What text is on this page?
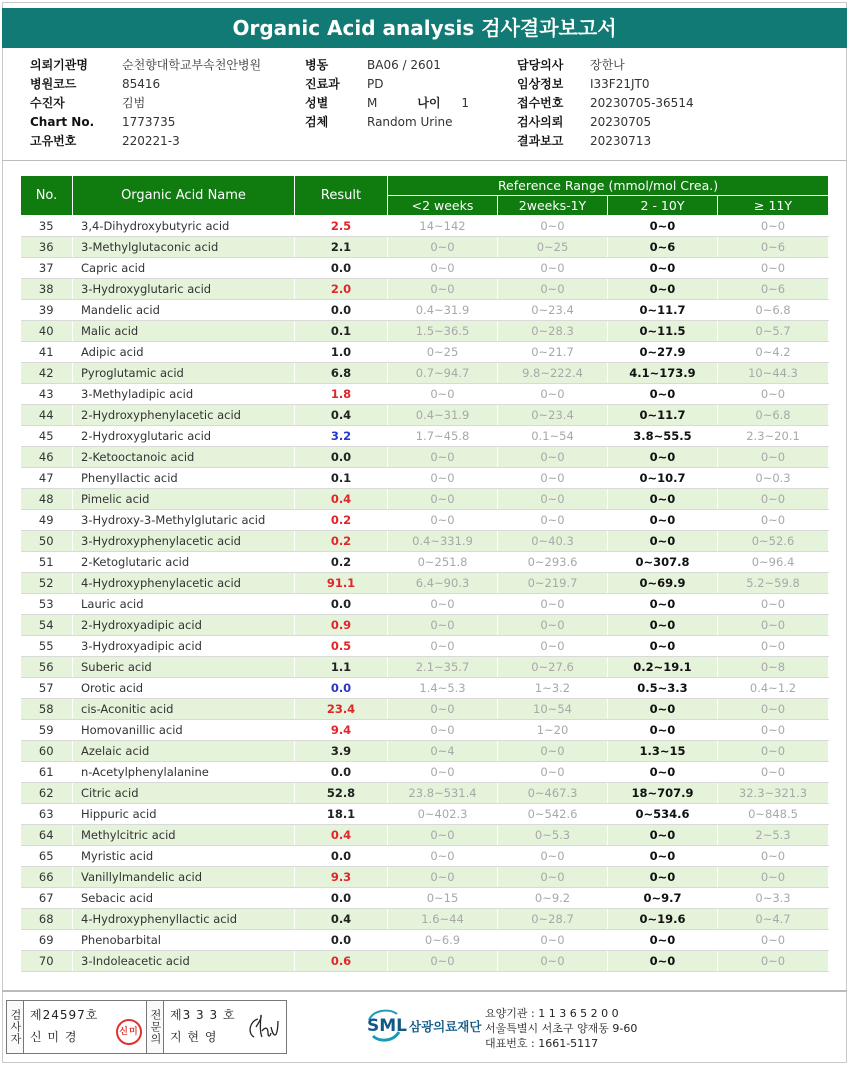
Organic Acid analysis 검사결과보고서
의뢰기관명	순천향대학교부속천안병원
병원코드	85416
수진자	김범
Chart No.	1773735
고유번호	220221-3
병동	BA06 / 2601
진료과	PD
성별	M	나이	1
검체	Random Urine
담당의사	장한나
임상정보	I33F21JT0
접수번호	20230705-36514
검사의뢰	20230705
결과보고	20230713
No.	Organic Acid Name	Result	Reference Range (mmol/mol Crea.)			
			<2 weeks	2weeks-1Y	2 - 10Y	≥ 11Y
35	3,4-Dihydroxybutyric acid	2.5	14~142	0~0	0~0	0~0
36	3-Methylglutaconic acid	2.1	0~0	0~25	0~6	0~6
37	Capric acid	0.0	0~0	0~0	0~0	0~0
38	3-Hydroxyglutaric acid	2.0	0~0	0~0	0~0	0~6
39	Mandelic acid	0.0	0.4~31.9	0~23.4	0~11.7	0~6.8
40	Malic acid	0.1	1.5~36.5	0~28.3	0~11.5	0~5.7
41	Adipic acid	1.0	0~25	0~21.7	0~27.9	0~4.2
42	Pyroglutamic acid	6.8	0.7~94.7	9.8~222.4	4.1~173.9	10~44.3
43	3-Methyladipic acid	1.8	0~0	0~0	0~0	0~0
44	2-Hydroxyphenylacetic acid	0.4	0.4~31.9	0~23.4	0~11.7	0~6.8
45	2-Hydroxyglutaric acid	3.2	1.7~45.8	0.1~54	3.8~55.5	2.3~20.1
46	2-Ketooctanoic acid	0.0	0~0	0~0	0~0	0~0
47	Phenyllactic acid	0.1	0~0	0~0	0~10.7	0~0.3
48	Pimelic acid	0.4	0~0	0~0	0~0	0~0
49	3-Hydroxy-3-Methylglutaric acid	0.2	0~0	0~0	0~0	0~0
50	3-Hydroxyphenylacetic acid	0.2	0.4~331.9	0~40.3	0~0	0~52.6
51	2-Ketoglutaric acid	0.2	0~251.8	0~293.6	0~307.8	0~96.4
52	4-Hydroxyphenylacetic acid	91.1	6.4~90.3	0~219.7	0~69.9	5.2~59.8
53	Lauric acid	0.0	0~0	0~0	0~0	0~0
54	2-Hydroxyadipic acid	0.9	0~0	0~0	0~0	0~0
55	3-Hydroxyadipic acid	0.5	0~0	0~0	0~0	0~0
56	Suberic acid	1.1	2.1~35.7	0~27.6	0.2~19.1	0~8
57	Orotic acid	0.0	1.4~5.3	1~3.2	0.5~3.3	0.4~1.2
58	cis-Aconitic acid	23.4	0~0	10~54	0~0	0~0
59	Homovanillic acid	9.4	0~0	1~20	0~0	0~0
60	Azelaic acid	3.9	0~4	0~0	1.3~15	0~0
61	n-Acetylphenylalanine	0.0	0~0	0~0	0~0	0~0
62	Citric acid	52.8	23.8~531.4	0~467.3	18~707.9	32.3~321.3
63	Hippuric acid	18.1	0~402.3	0~542.6	0~534.6	0~848.5
64	Methylcitric acid	0.4	0~0	0~5.3	0~0	2~5.3
65	Myristic acid	0.0	0~0	0~0	0~0	0~0
66	Vanillylmandelic acid	9.3	0~0	0~0	0~0	0~0
67	Sebacic acid	0.0	0~15	0~9.2	0~9.7	0~3.3
68	4-Hydroxyphenyllactic acid	0.4	1.6~44	0~28.7	0~19.6	0~4.7
69	Phenobarbital	0.0	0~6.9	0~0	0~0	0~0
70	3-Indoleacetic acid	0.6	0~0	0~0	0~0	0~0
검사자 제24597호
신 미 경	신미 전문의 제3 3 3 호
지 현 영
SML 삼광의료재단
요양기관 : 1 1 3 6 5 2 0 0
서울특별시 서초구 양재동 9-60
대표번호 : 1661-5117
